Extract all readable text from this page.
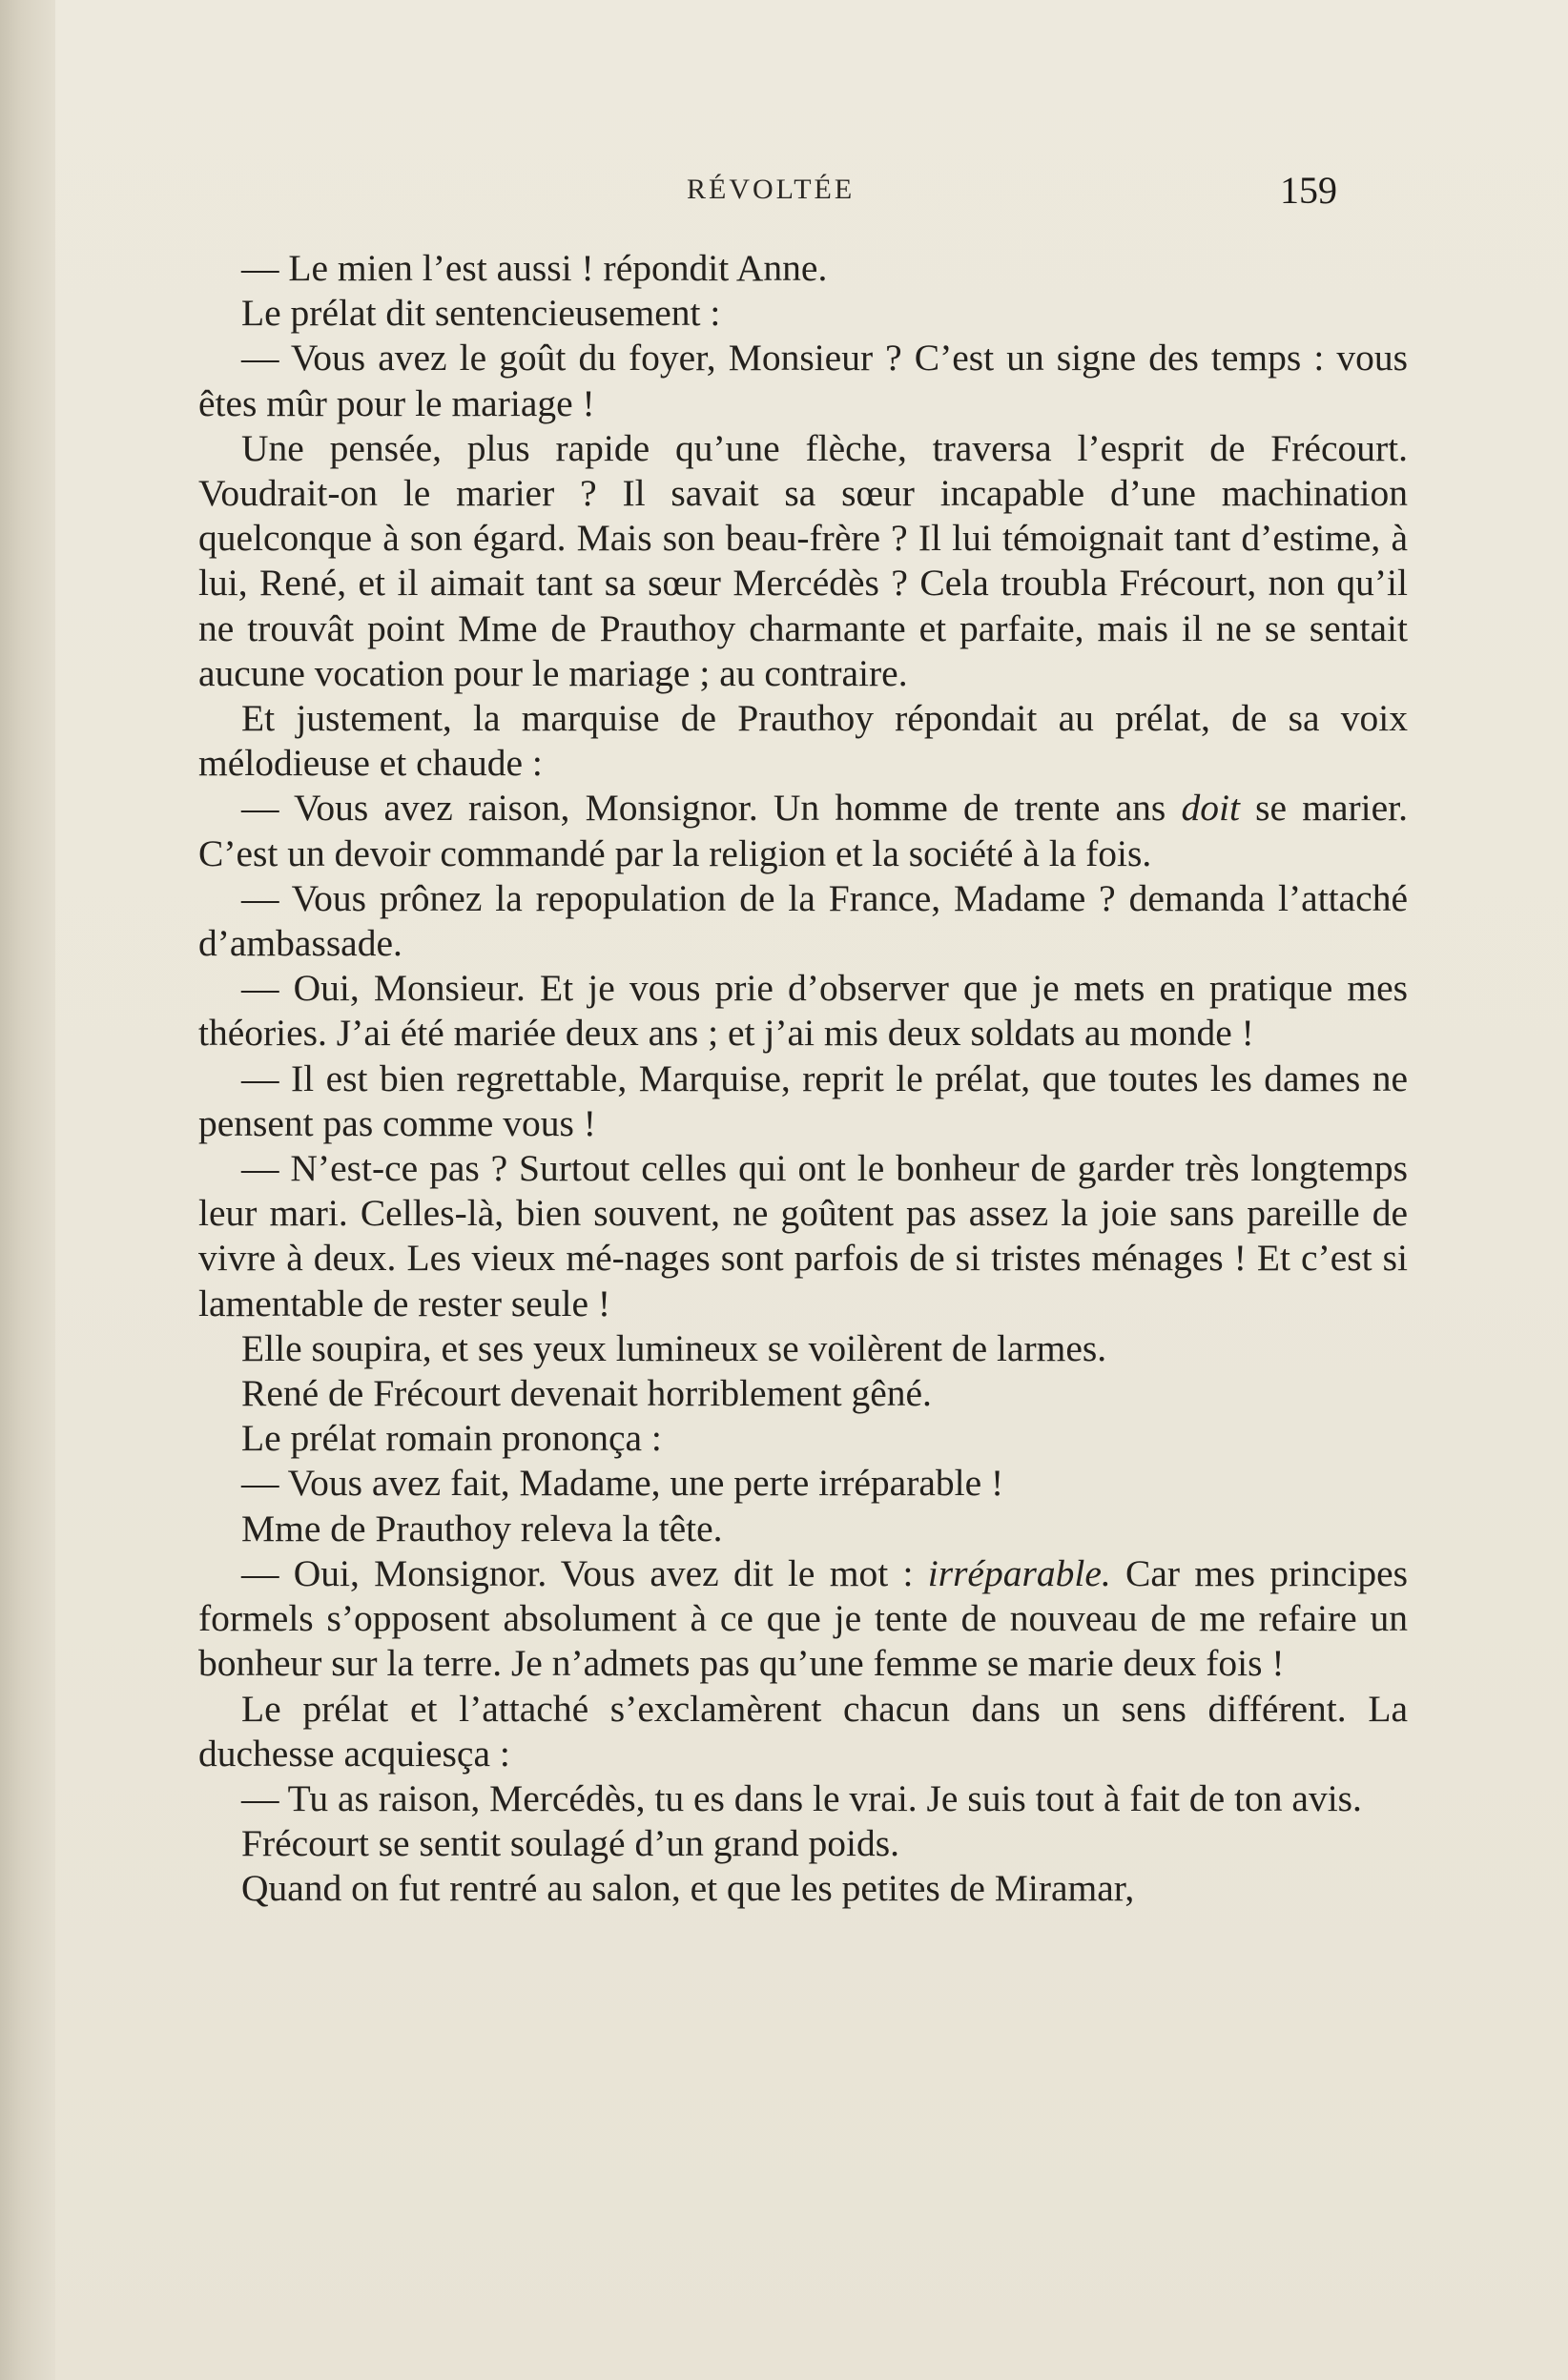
RÉVOLTÉE	159

— Le mien l’est aussi ! répondit Anne.

Le prélat dit sentencieusement :

— Vous avez le goût du foyer, Monsieur ? C’est un signe des temps : vous êtes mûr pour le mariage !

Une pensée, plus rapide qu’une flèche, traversa l’esprit de Frécourt. Voudrait-on le marier ? Il savait sa sœur incapable d’une machination quelconque à son égard. Mais son beau-frère ? Il lui témoignait tant d’estime, à lui, René, et il aimait tant sa sœur Mercédès ? Cela troubla Frécourt, non qu’il ne trouvât point Mme de Prauthoy charmante et parfaite, mais il ne se sentait aucune vocation pour le mariage ; au contraire.

Et justement, la marquise de Prauthoy répondait au prélat, de sa voix mélodieuse et chaude :

— Vous avez raison, Monsignor. Un homme de trente ans doit se marier. C’est un devoir commandé par la religion et la société à la fois.

— Vous prônez la repopulation de la France, Madame ? demanda l’attaché d’ambassade.

— Oui, Monsieur. Et je vous prie d’observer que je mets en pratique mes théories. J’ai été mariée deux ans ; et j’ai mis deux soldats au monde !

— Il est bien regrettable, Marquise, reprit le prélat, que toutes les dames ne pensent pas comme vous !

— N’est-ce pas ? Surtout celles qui ont le bonheur de garder très longtemps leur mari. Celles-là, bien souvent, ne goûtent pas assez la joie sans pareille de vivre à deux. Les vieux mé-nages sont parfois de si tristes ménages ! Et c’est si lamentable de rester seule !

Elle soupira, et ses yeux lumineux se voilèrent de larmes.

René de Frécourt devenait horriblement gêné.

Le prélat romain prononça :

— Vous avez fait, Madame, une perte irréparable !

Mme de Prauthoy releva la tête.

— Oui, Monsignor. Vous avez dit le mot : irréparable. Car mes principes formels s’opposent absolument à ce que je tente de nouveau de me refaire un bonheur sur la terre. Je n’admets pas qu’une femme se marie deux fois !

Le prélat et l’attaché s’exclamèrent chacun dans un sens différent. La duchesse acquiesça :

— Tu as raison, Mercédès, tu es dans le vrai. Je suis tout à fait de ton avis.

Frécourt se sentit soulagé d’un grand poids.

Quand on fut rentré au salon, et que les petites de Miramar,
